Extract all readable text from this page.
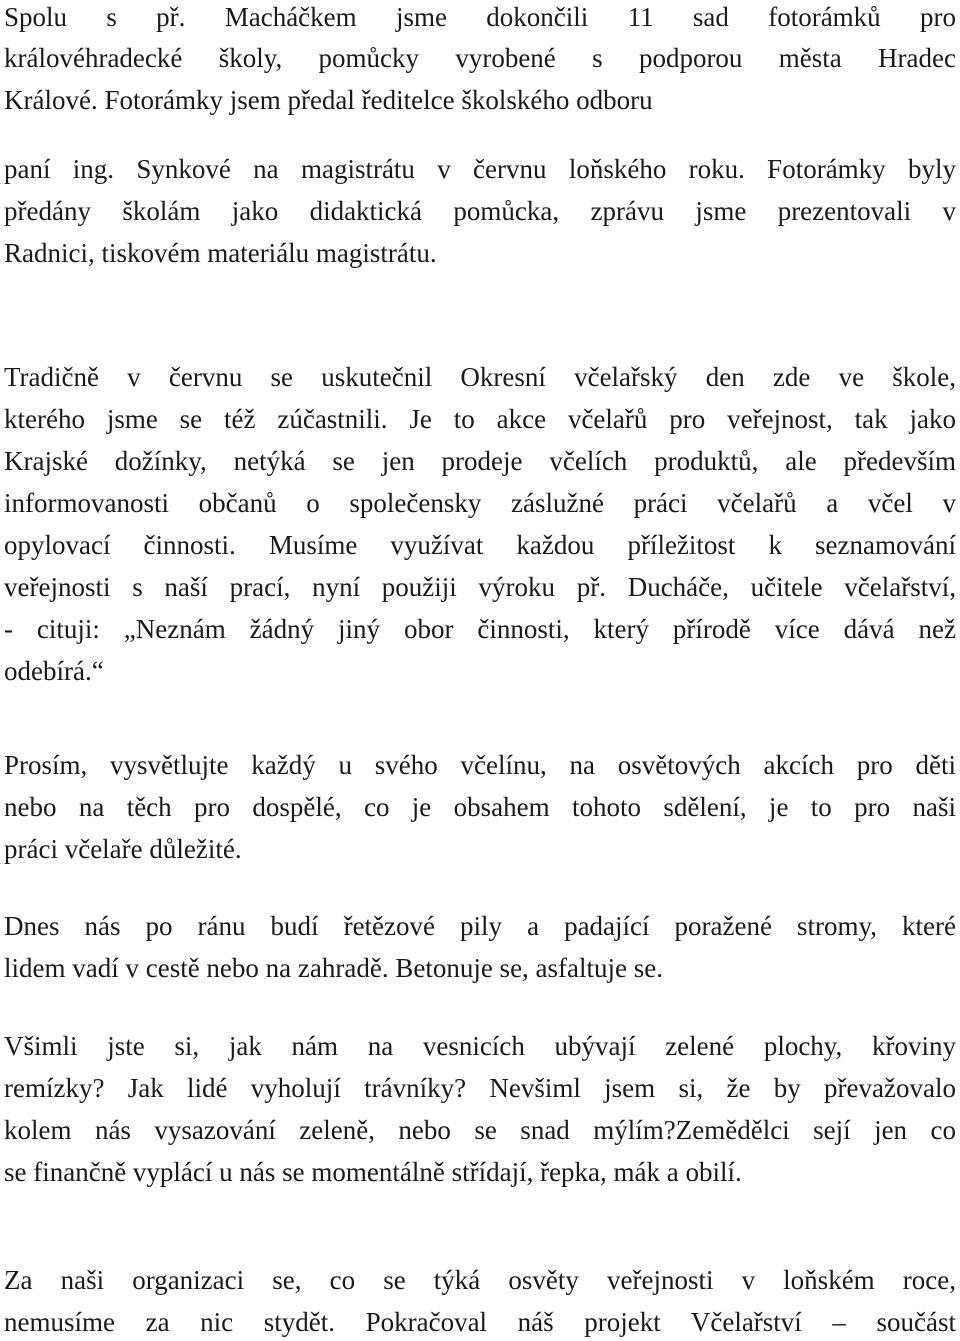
Spolu s př. Macháčkem jsme dokončili 11 sad fotorámků pro

královéhradecké školy, pomůcky vyrobené s podporou města Hradec

Králové. Fotorámky jsem předal ředitelce školského odboru

paní ing. Synkové na magistrátu v červnu loňského roku. Fotorámky byly

předány školám jako didaktická pomůcka, zprávu jsme prezentovali v

Radnici, tiskovém materiálu magistrátu.

Tradičně v červnu se uskutečnil Okresní včelařský den zde ve škole,

kterého jsme se též zúčastnili. Je to akce včelařů pro veřejnost, tak jako

Krajské dožínky, netýká se jen prodeje včelích produktů, ale především

informovanosti občanů o společensky záslužné práci včelařů a včel v

opylovací činnosti. Musíme využívat každou příležitost k seznamování

veřejnosti s naší prací, nyní použiji výroku př. Ducháče, učitele včelařství,

- cituji: „Neznám žádný jiný obor činnosti, který přírodě více dává než

odebírá.“

Prosím, vysvětlujte každý u svého včelínu, na osvětových akcích pro děti

nebo na těch pro dospělé, co je obsahem tohoto sdělení, je to pro naši

práci včelaře důležité.

Dnes nás po ránu budí řetězové pily a padající poražené stromy, které

lidem vadí v cestě nebo na zahradě. Betonuje se, asfaltuje se.

Všimli jste si, jak nám na vesnicích ubývají zelené plochy, křoviny

remízky? Jak lidé vyholují trávníky? Nevšiml jsem si, že by převažovalo

kolem nás vysazování zeleně, nebo se snad mýlím?Zemědělci sejí jen co

se finančně vyplácí u nás se momentálně střídají, řepka, mák a obilí.

Za naši organizaci se, co se týká osvěty veřejnosti v loňském roce,

nemusíme za nic stydět. Pokračoval náš projekt Včelařství – součást
